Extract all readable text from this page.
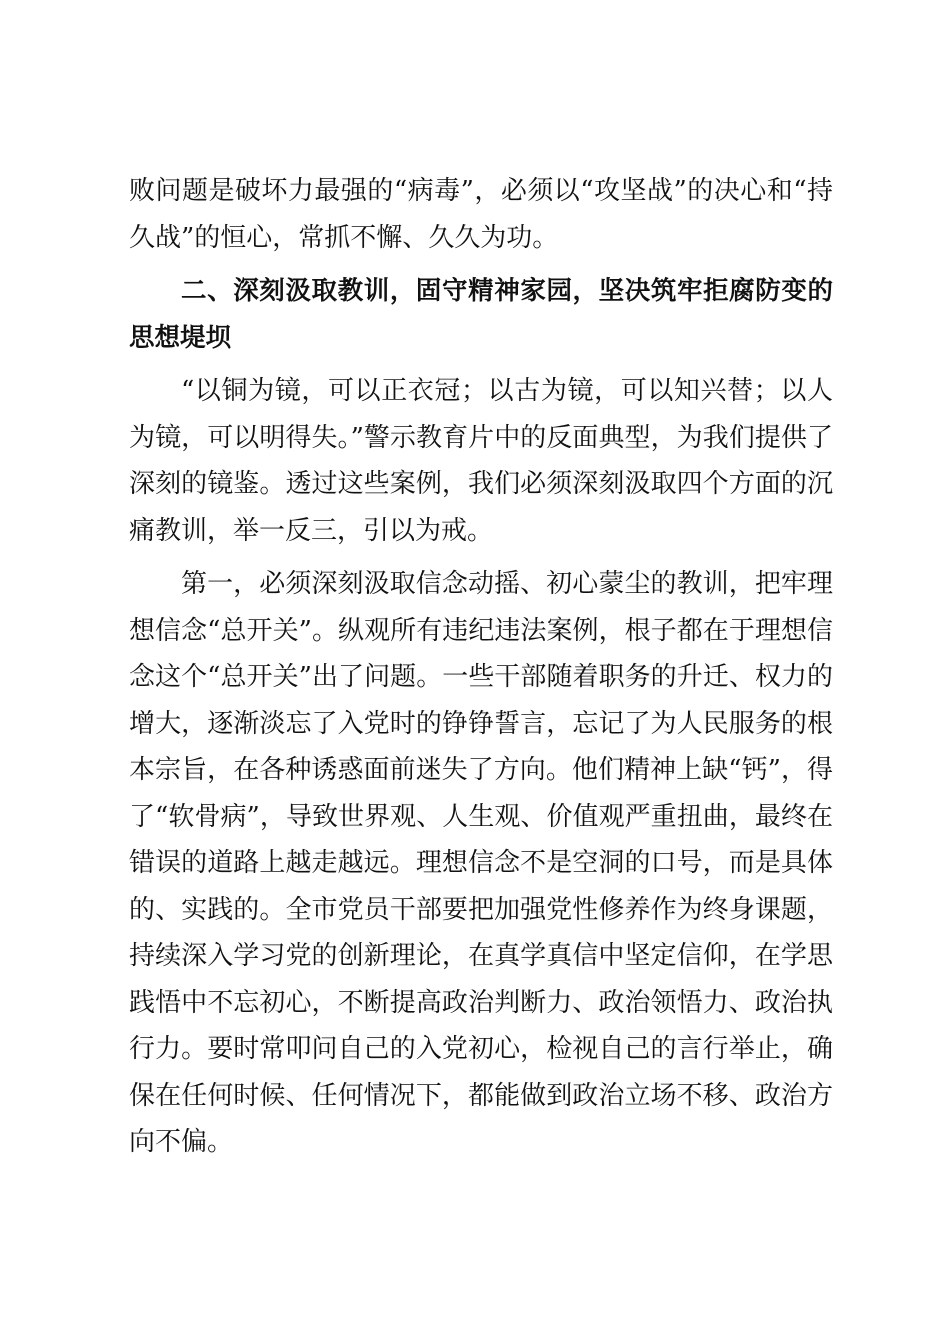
败问题是破坏力最强的“病毒”，必须以“攻坚战”的决心和“持久战”的恒心，常抓不懈、久久为功。

二、深刻汲取教训，固守精神家园，坚决筑牢拒腐防变的思想堤坝

“以铜为镜，可以正衣冠；以古为镜，可以知兴替；以人为镜，可以明得失。”警示教育片中的反面典型，为我们提供了深刻的镜鉴。透过这些案例，我们必须深刻汲取四个方面的沉痛教训，举一反三，引以为戒。

第一，必须深刻汲取信念动摇、初心蒙尘的教训，把牢理想信念“总开关”。纵观所有违纪违法案例，根子都在于理想信念这个“总开关”出了问题。一些干部随着职务的升迁、权力的增大，逐渐淡忘了入党时的铮铮誓言，忘记了为人民服务的根本宗旨，在各种诱惑面前迷失了方向。他们精神上缺“钙”，得了“软骨病”，导致世界观、人生观、价值观严重扭曲，最终在错误的道路上越走越远。理想信念不是空洞的口号，而是具体的、实践的。全市党员干部要把加强党性修养作为终身课题，持续深入学习党的创新理论，在真学真信中坚定信仰，在学思践悟中不忘初心，不断提高政治判断力、政治领悟力、政治执行力。要时常叩问自己的入党初心，检视自己的言行举止，确保在任何时候、任何情况下，都能做到政治立场不移、政治方向不偏。
